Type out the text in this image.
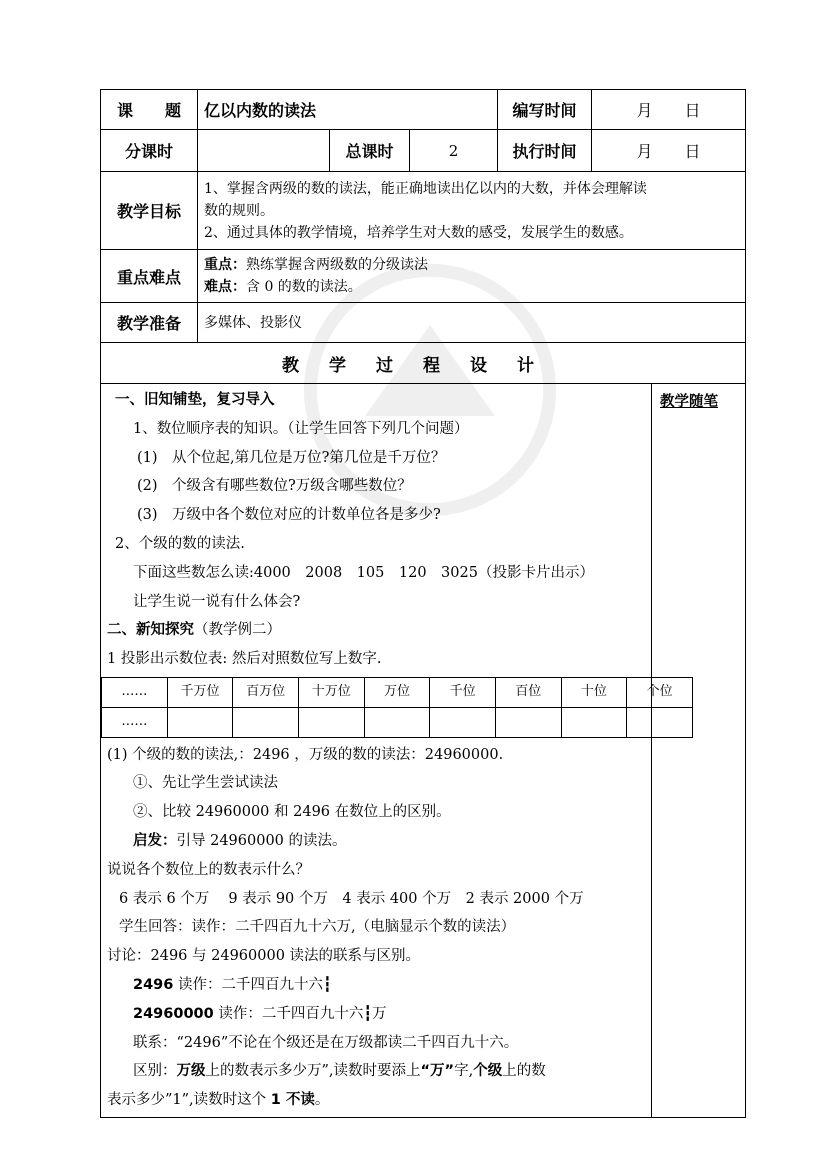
课　　题	亿以内数的读法	编写时间	月　　日
分课时		总课时	2	执行时间	月　　日
教学目标	
1、掌握含两级的数的读法，能正确地读出亿以内的大数，并体会理解读
数的规则。
2、通过具体的教学情境，培养学生对大数的感受，发展学生的数感。

重点难点	
重点：熟练掌握含两级数的分级读法
难点：含 0 的数的读法。

教学准备	多媒体、投影仪
教学过程设计

一、旧知铺垫，复习导入

1、数位顺序表的知识。（让学生回答下列几个问题）

(1)　从个位起,第几位是万位?第几位是千万位？

(2)　个级含有哪些数位?万级含哪些数位？

(3)　万级中各个数位对应的计数单位各是多少?

2、个级的数的读法.

下面这些数怎么读:4000　2008　105　120　3025（投影卡片出示）

让学生说一说有什么体会?

二、新知探究（教学例二）

1 投影出示数位表: 然后对照数位写上数字.

……	千万位	百万位	十万位	万位	千位	百位	十位	个位
……								

(1) 个级的数的读法,：2496 ，万级的数的读法：24960000.

①、先让学生尝试读法

②、比较 24960000 和 2496 在数位上的区别。

启发：引导 24960000 的读法。

说说各个数位上的数表示什么？

6 表示 6 个万　 9 表示 90 个万　4 表示 400 个万　2 表示 2000 个万

学生回答：读作：二千四百九十六万,（电脑显示个数的读法）

讨论：2496 与 24960000 读法的联系与区别。

2496 读作：二千四百九十六┇

24960000 读作：二千四百九十六┇万

联系：“2496”不论在个级还是在万级都读二千四百九十六。

区别：万级上的数表示多少万”,读数时要添上“万”字,个级上的数

表示多少”1”,读数时这个 1 不读。

	教学随笔
